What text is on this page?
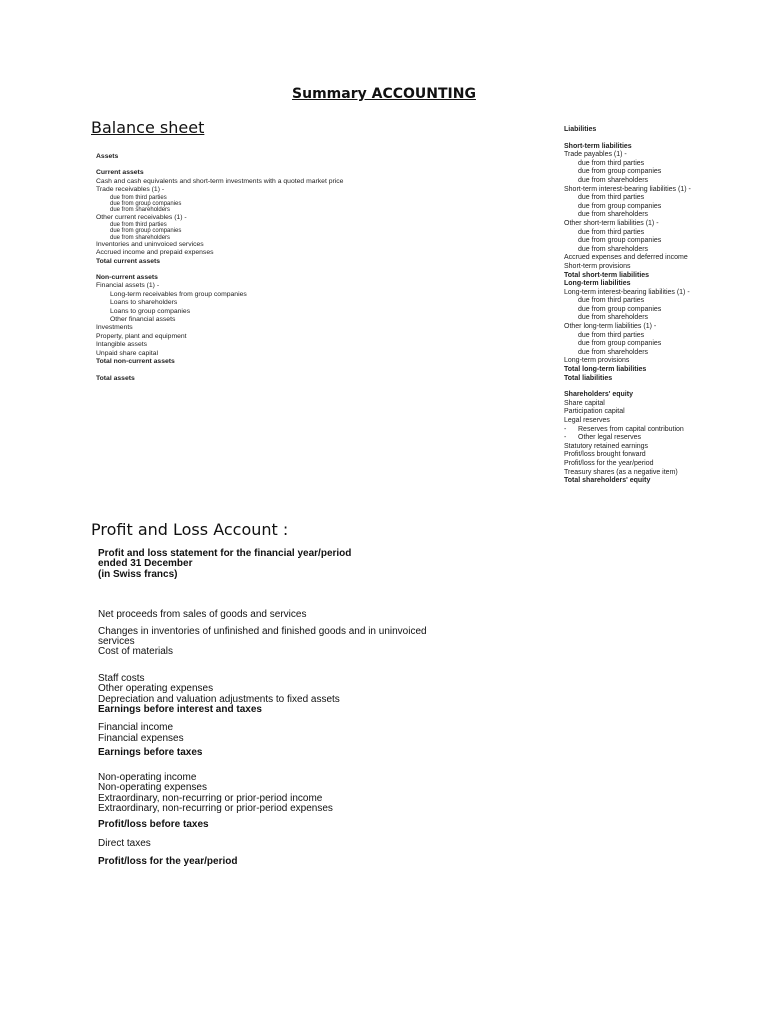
Summary ACCOUNTING
Balance sheet
Assets
Current assets
Cash and cash equivalents and short-term investments with a quoted market price
Trade receivables (1) -
due from third parties
due from group companies
due from shareholders
Other current receivables (1) -
due from third parties
due from group companies
due from shareholders
Inventories and uninvoiced services
Accrued income and prepaid expenses
Total current assets
Non-current assets
Financial assets (1) -
Long-term receivables from group companies
Loans to shareholders
Loans to group companies
Other financial assets
Investments
Property, plant and equipment
Intangible assets
Unpaid share capital
Total non-current assets
Total assets
Liabilities
Short-term liabilities
Trade payables (1) -
due from third parties
due from group companies
due from shareholders
Short-term interest-bearing liabilities (1) -
due from third parties
due from group companies
due from shareholders
Other short-term liabilities (1) -
due from third parties
due from group companies
due from shareholders
Accrued expenses and deferred income
Short-term provisions
Total short-term liabilities
Long-term liabilities
Long-term interest-bearing liabilities (1) -
due from third parties
due from group companies
due from shareholders
Other long-term liabilities (1) -
due from third parties
due from group companies
due from shareholders
Long-term provisions
Total long-term liabilities
Total liabilities
Shareholders' equity
Share capital
Participation capital
Legal reserves
- Reserves from capital contribution
- Other legal reserves
Statutory retained earnings
Profit/loss brought forward
Profit/loss for the year/period
Treasury shares (as a negative item)
Total shareholders' equity
Profit and Loss Account :
Profit and loss statement for the financial year/period
ended 31 December
(in Swiss francs)
Net proceeds from sales of goods and services
Changes in inventories of unfinished and finished goods and in uninvoiced
services
Cost of materials
Staff costs
Other operating expenses
Depreciation and valuation adjustments to fixed assets
Earnings before interest and taxes
Financial income
Financial expenses
Earnings before taxes
Non-operating income
Non-operating expenses
Extraordinary, non-recurring or prior-period income
Extraordinary, non-recurring or prior-period expenses
Profit/loss before taxes
Direct taxes
Profit/loss for the year/period
